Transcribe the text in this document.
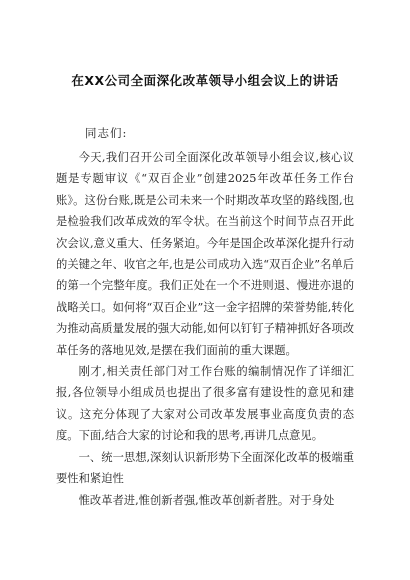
在XX公司全面深化改革领导小组会议上的讲话
同志们:

今天,我们召开公司全面深化改革领导小组会议,核心议题是专题审议《“双百企业”创建2025年改革任务工作台账》。这份台账,既是公司未来一个时期改革攻坚的路线图,也是检验我们改革成效的军令状。在当前这个时间节点召开此次会议,意义重大、任务紧迫。今年是国企改革深化提升行动的关键之年、收官之年,也是公司成功入选“双百企业”名单后的第一个完整年度。我们正处在一个不进则退、慢进亦退的战略关口。如何将“双百企业”这一金字招牌的荣誉势能,转化为推动高质量发展的强大动能,如何以钉钉子精神抓好各项改革任务的落地见效,是摆在我们面前的重大课题。

刚才,相关责任部门对工作台账的编制情况作了详细汇报,各位领导小组成员也提出了很多富有建设性的意见和建议。这充分体现了大家对公司改革发展事业高度负责的态度。下面,结合大家的讨论和我的思考,再讲几点意见。

一、统一思想,深刻认识新形势下全面深化改革的极端重要性和紧迫性

惟改革者进,惟创新者强,惟改革创新者胜。对于身处
